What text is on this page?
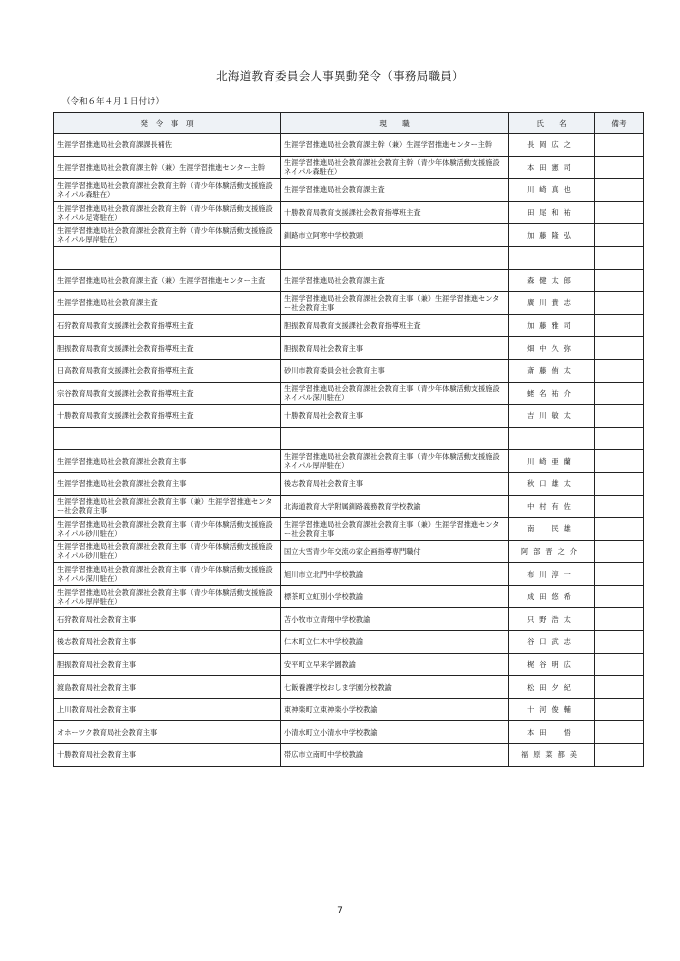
北海道教育委員会人事異動発令（事務局職員）
（令和６年４月１日付け）
発　令　事　項	現　　職	氏　　名	備考
生涯学習推進局社会教育課課長補佐	生涯学習推進局社会教育課主幹（兼）生涯学習推進センター主幹	長岡広之	
生涯学習推進局社会教育課主幹（兼）生涯学習推進センター主幹	生涯学習推進局社会教育課社会教育主幹（青少年体験活動支援施設ネイパル森駐在）	本田憲司	
生涯学習推進局社会教育課社会教育主幹（青少年体験活動支援施設ネイパル森駐在）	生涯学習推進局社会教育課主査	川崎真也	
生涯学習推進局社会教育課社会教育主幹（青少年体験活動支援施設ネイパル足寄駐在）	十勝教育局教育支援課社会教育指導班主査	田尾和祐	
生涯学習推進局社会教育課社会教育主幹（青少年体験活動支援施設ネイパル厚岸駐在）	釧路市立阿寒中学校教頭	加藤隆弘	

生涯学習推進局社会教育課主査（兼）生涯学習推進センター主査	生涯学習推進局社会教育課主査	森健太郎	
生涯学習推進局社会教育課主査	生涯学習推進局社会教育課社会教育主事（兼）生涯学習推進センター社会教育主事	廣川貴志	
石狩教育局教育支援課社会教育指導班主査	胆振教育局教育支援課社会教育指導班主査	加藤雅司	
胆振教育局教育支援課社会教育指導班主査	胆振教育局社会教育主事	畑中久弥	
日高教育局教育支援課社会教育指導班主査	砂川市教育委員会社会教育主事	斎藤侑太	
宗谷教育局教育支援課社会教育指導班主査	生涯学習推進局社会教育課社会教育主事（青少年体験活動支援施設ネイパル深川駐在）	蛯名祐介	
十勝教育局教育支援課社会教育指導班主査	十勝教育局社会教育主事	吉川敏太	

生涯学習推進局社会教育課社会教育主事	生涯学習推進局社会教育課社会教育主事（青少年体験活動支援施設ネイパル厚岸駐在）	川崎亜蘭	
生涯学習推進局社会教育課社会教育主事	後志教育局社会教育主事	秋口雄太	
生涯学習推進局社会教育課社会教育主事（兼）生涯学習推進センター社会教育主事	北海道教育大学附属釧路義務教育学校教諭	中村有佐	
生涯学習推進局社会教育課社会教育主事（青少年体験活動支援施設ネイパル砂川駐在）	生涯学習推進局社会教育課社会教育主事（兼）生涯学習推進センター社会教育主事	南　民雄	
生涯学習推進局社会教育課社会教育主事（青少年体験活動支援施設ネイパル砂川駐在）	国立大雪青少年交流の家企画指導専門職付	阿部晋之介	
生涯学習推進局社会教育課社会教育主事（青少年体験活動支援施設ネイパル深川駐在）	旭川市立北門中学校教諭	布川淳一	
生涯学習推進局社会教育課社会教育主事（青少年体験活動支援施設ネイパル厚岸駐在）	標茶町立虹別小学校教諭	成田悠希	
石狩教育局社会教育主事	苫小牧市立青翔中学校教諭	只野浩太	
後志教育局社会教育主事	仁木町立仁木中学校教諭	谷口武志	
胆振教育局社会教育主事	安平町立早来学園教諭	梶谷明広	
渡島教育局社会教育主事	七飯養護学校おしま学園分校教諭	松田夕紀	
上川教育局社会教育主事	東神楽町立東神楽小学校教諭	十河俊輔	
オホーツク教育局社会教育主事	小清水町立小清水中学校教諭	本田　悟	
十勝教育局社会教育主事	帯広市立南町中学校教諭	福原菜都美	
7
